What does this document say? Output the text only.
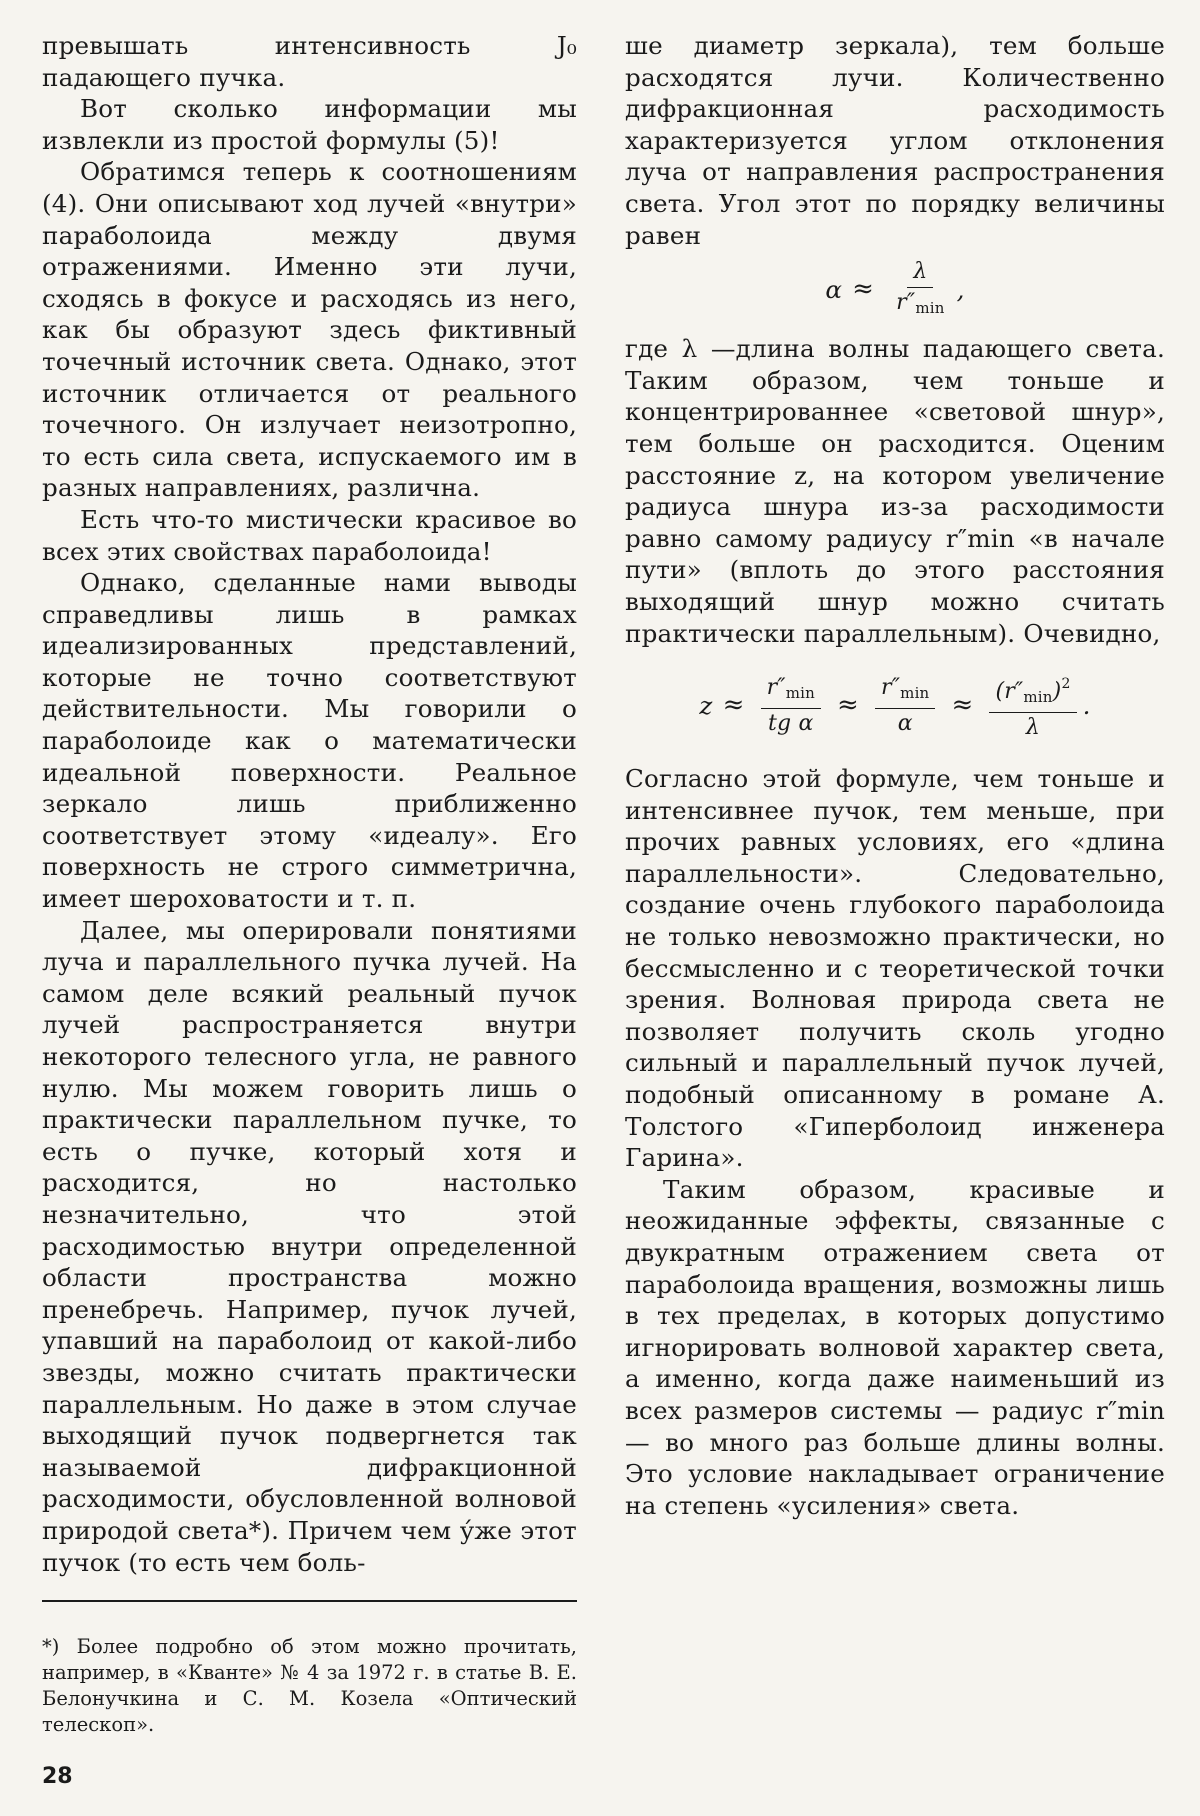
превышать интенсивность J₀ падающего пучка.

Вот сколько информации мы извлекли из простой формулы (5)!

Обратимся теперь к соотношениям (4). Они описывают ход лучей «внутри» параболоида между двумя отражениями. Именно эти лучи, сходясь в фокусе и расходясь из него, как бы образуют здесь фиктивный точечный источник света. Однако, этот источник отличается от реального точечного. Он излучает неизотропно, то есть сила света, испускаемого им в разных направлениях, различна.

Есть что-то мистически красивое во всех этих свойствах параболоида!

Однако, сделанные нами выводы справедливы лишь в рамках идеализированных представлений, которые не точно соответствуют действительности. Мы говорили о параболоиде как о математически идеальной поверхности. Реальное зеркало лишь приближенно соответствует этому «идеалу». Его поверхность не строго симметрична, имеет шероховатости и т. п.

Далее, мы оперировали понятиями луча и параллельного пучка лучей. На самом деле всякий реальный пучок лучей распространяется внутри некоторого телесного угла, не равного нулю. Мы можем говорить лишь о практически параллельном пучке, то есть о пучке, который хотя и расходится, но настолько незначительно, что этой расходимостью внутри определенной области пространства можно пренебречь. Например, пучок лучей, упавший на параболоид от какой-либо звезды, можно считать практически параллельным. Но даже в этом случае выходящий пучок подвергнется так называемой дифракционной расходимости, обусловленной волновой природой света*). Причем чем у́же этот пучок (то есть чем боль-

ше диаметр зеркала), тем больше расходятся лучи. Количественно дифракционная расходимость характеризуется углом отклонения луча от направления распространения света. Угол этот по порядку величины равен

$\alpha \approx \frac{\lambda}{r''_{min}}$ ,

где λ —длина волны падающего света. Таким образом, чем тоньше и концентрированнее «световой шнур», тем больше он расходится. Оценим расстояние z, на котором увеличение радиуса шнура из-за расходимости равно самому радиусу r″min «в начале пути» (вплоть до этого расстояния выходящий шнур можно считать практически параллельным). Очевидно,

$z \approx \frac{r''_{min}}{\text{tg α}} \approx \frac{r''_{min}}{\alpha} \approx \frac{(r''_{min})^2}{\lambda}$ .

Согласно этой формуле, чем тоньше и интенсивнее пучок, тем меньше, при прочих равных условиях, его «длина параллельности». Следовательно, создание очень глубокого параболоида не только невозможно практически, но бессмысленно и с теоретической точки зрения. Волновая природа света не позволяет получить сколь угодно сильный и параллельный пучок лучей, подобный описанному в романе А. Толстого «Гиперболоид инженера Гарина».

Таким образом, красивые и неожиданные эффекты, связанные с двукратным отражением света от параболоида вращения, возможны лишь в тех пределах, в которых допустимо игнорировать волновой характер света, а именно, когда даже наименьший из всех размеров системы — радиус r″min — во много раз больше длины волны. Это условие накладывает ограничение на степень «усиления» света.

*) Более подробно об этом можно прочитать, например, в «Кванте» № 4 за 1972 г. в статье В. Е. Белонучкина и С. М. Козела «Оптический телескоп».
28
